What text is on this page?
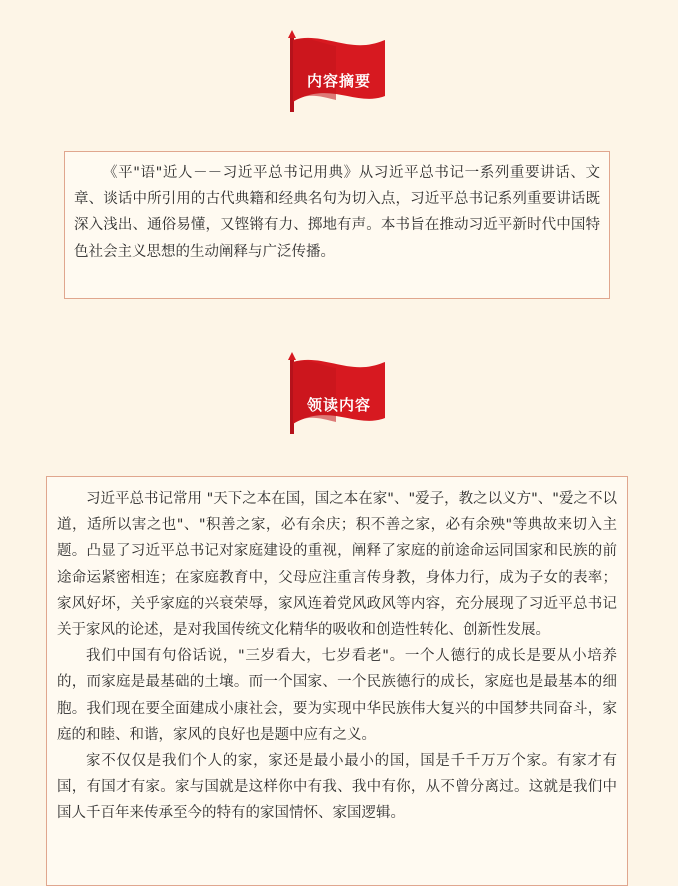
内容摘要

《平"语"近人－－习近平总书记用典》从习近平总书记一系列重要讲话、文章、谈话中所引用的古代典籍和经典名句为切入点，习近平总书记系列重要讲话既深入浅出、通俗易懂，又铿锵有力、掷地有声。本书旨在推动习近平新时代中国特色社会主义思想的生动阐释与广泛传播。

领读内容

习近平总书记常用 "天下之本在国，国之本在家"、"爱子，教之以义方"、"爱之不以道，适所以害之也"、"积善之家，必有余庆；积不善之家，必有余殃"等典故来切入主题。凸显了习近平总书记对家庭建设的重视，阐释了家庭的前途命运同国家和民族的前途命运紧密相连；在家庭教育中，父母应注重言传身教，身体力行，成为子女的表率；家风好坏，关乎家庭的兴衰荣辱，家风连着党风政风等内容，充分展现了习近平总书记关于家风的论述，是对我国传统文化精华的吸收和创造性转化、创新性发展。

我们中国有句俗话说，"三岁看大，七岁看老"。一个人德行的成长是要从小培养的，而家庭是最基础的土壤。而一个国家、一个民族德行的成长，家庭也是最基本的细胞。我们现在要全面建成小康社会，要为实现中华民族伟大复兴的中国梦共同奋斗，家庭的和睦、和谐，家风的良好也是题中应有之义。

家不仅仅是我们个人的家，家还是最小最小的国，国是千千万万个家。有家才有国，有国才有家。家与国就是这样你中有我、我中有你，从不曾分离过。这就是我们中国人千百年来传承至今的特有的家国情怀、家国逻辑。
